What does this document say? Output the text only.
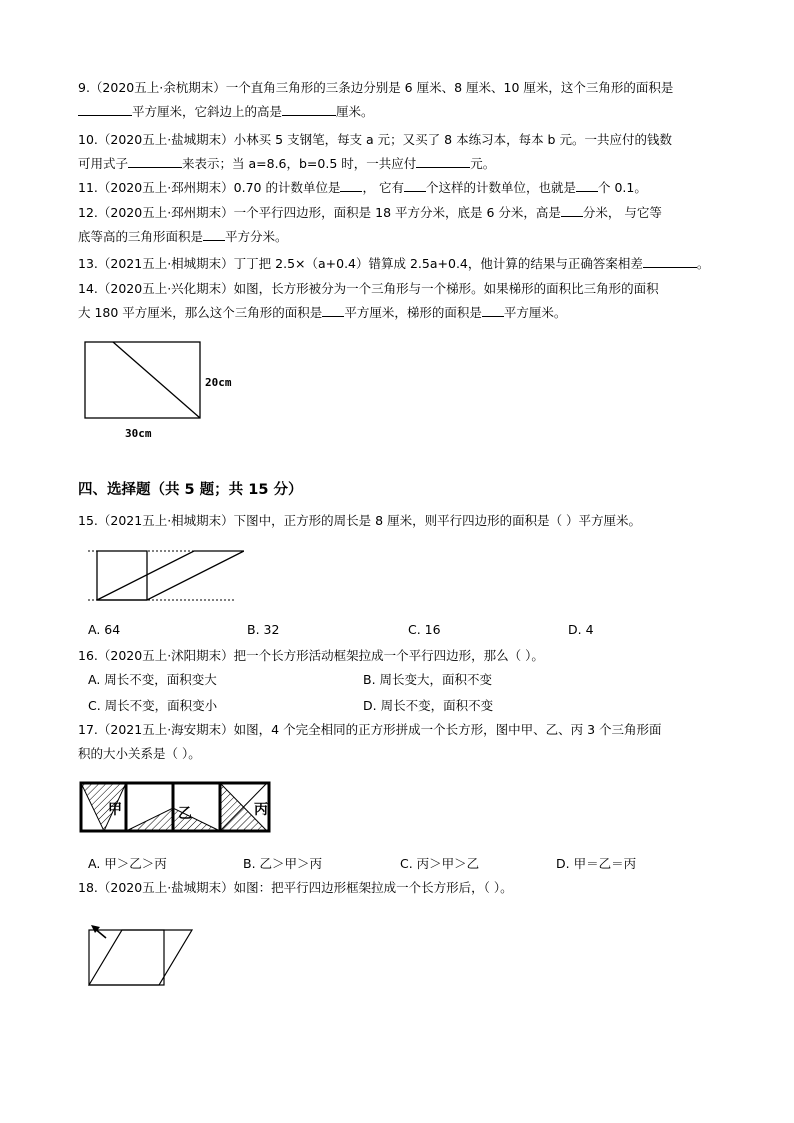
9.（2020五上·余杭期末）一个直角三角形的三条边分别是 6 厘米、8 厘米、10 厘米，这个三角形的面积是
平方厘米，它斜边上的高是	厘米。
10.（2020五上·盐城期末）小林买 5 支钢笔，每支 a 元；又买了 8 本练习本，每本 b 元。一共应付的钱数
可用式子	来表示；当 a=8.6，b=0.5 时，一共应付	元。
11.（2020五上·邳州期末）0.70 的计数单位是 ， 它有 个这样的计数单位，也就是 个 0.1。
12.（2020五上·邳州期末）一个平行四边形，面积是 18 平方分米，底是 6 分米，高是 分米， 与它等
底等高的三角形面积是 平方分米。
13.（2021五上·相城期末）丁丁把 2.5×（a+0.4）错算成 2.5a+0.4，他计算的结果与正确答案相差	。
14.（2020五上·兴化期末）如图，长方形被分为一个三角形与一个梯形。如果梯形的面积比三角形的面积
大 180 平方厘米，那么这个三角形的面积是 平方厘米，梯形的面积是 平方厘米。
20cm
30cm
四、选择题（共 5 题；共 15 分）
15.（2021五上·相城期末）下图中，正方形的周长是 8 厘米，则平行四边形的面积是（ ）平方厘米。
A. 64	B. 32	C. 16	D. 4
16.（2020五上·沭阳期末）把一个长方形活动框架拉成一个平行四边形，那么（ ）。
A. 周长不变，面积变大	B. 周长变大，面积不变
C. 周长不变，面积变小	D. 周长不变，面积不变
17.（2021五上·海安期末）如图，4 个完全相同的正方形拼成一个长方形，图中甲、乙、丙 3 个三角形面
积的大小关系是（ ）。
甲	乙	丙
A. 甲＞乙＞丙	B. 乙＞甲＞丙	C. 丙＞甲＞乙	D. 甲＝乙＝丙
18.（2020五上·盐城期末）如图：把平行四边形框架拉成一个长方形后，（ ）。
